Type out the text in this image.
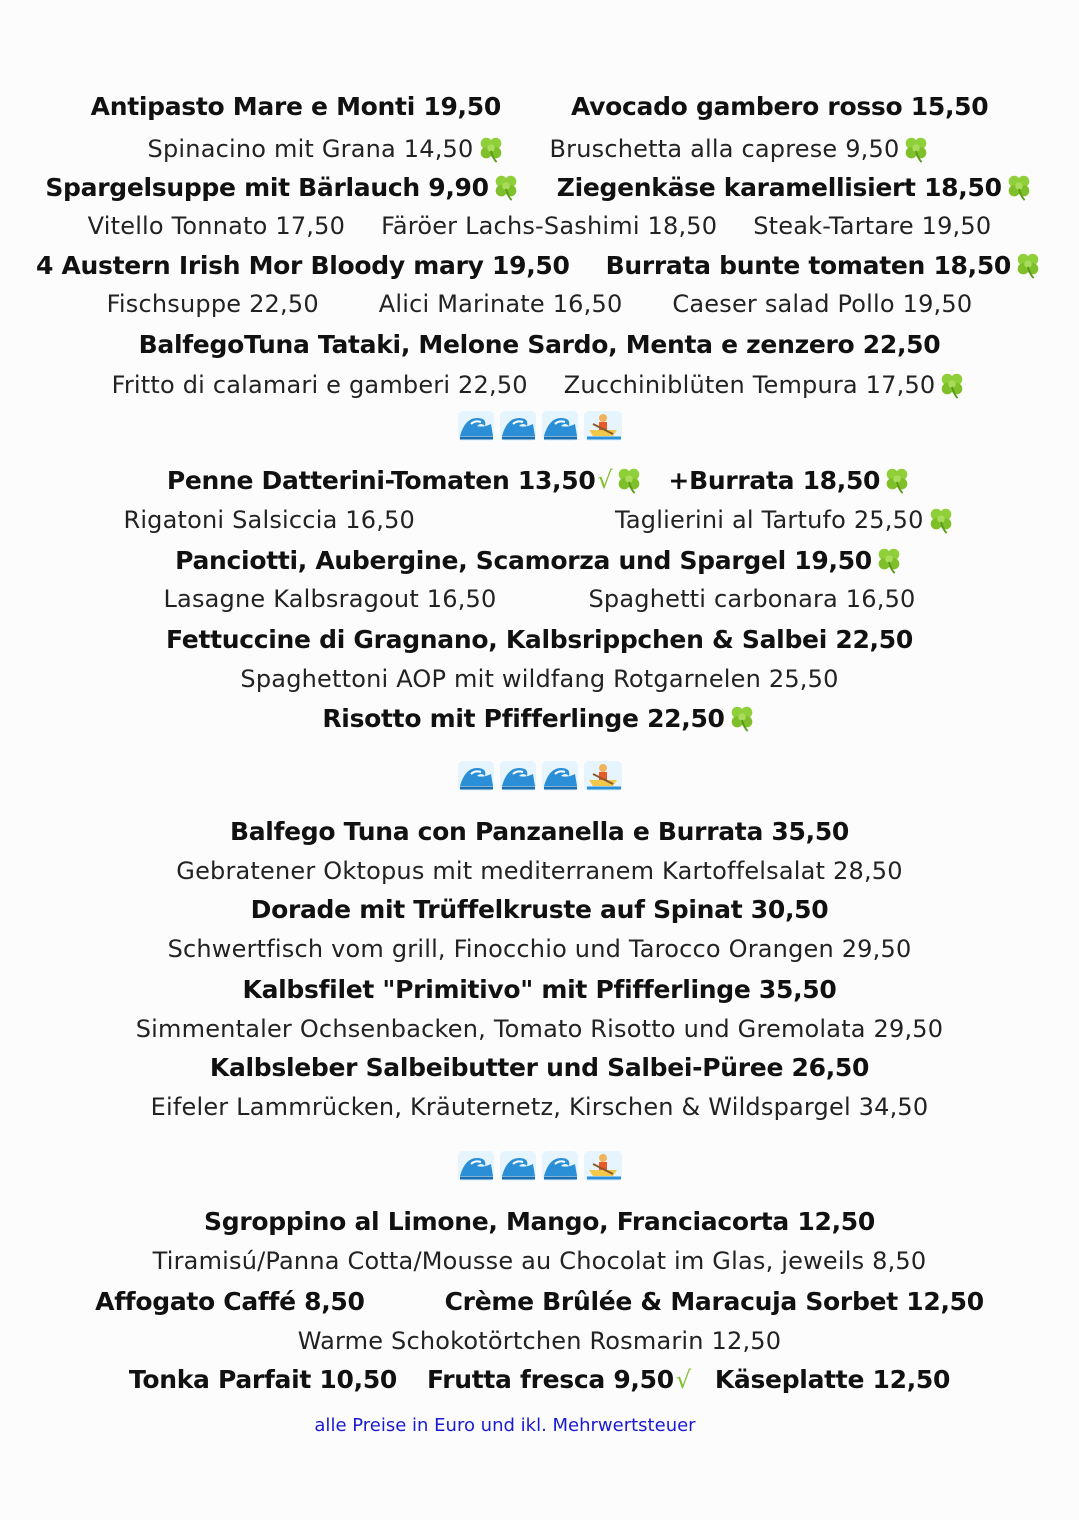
Antipasto Mare e Monti 19,50	Avocado gambero rosso 15,50
Spinacino mit Grana 14,50	Bruschetta alla caprese 9,50
Spargelsuppe mit Bärlauch 9,90	Ziegenkäse karamellisiert 18,50
Vitello Tonnato 17,50 Färöer Lachs-Sashimi 18,50 Steak-Tartare 19,50
4 Austern Irish Mor Bloody mary 19,50 Burrata bunte tomaten 18,50
Fischsuppe 22,50	Alici Marinate 16,50 Caeser salad Pollo 19,50
BalfegoTuna Tataki, Melone Sardo, Menta e zenzero 22,50
Fritto di calamari e gamberi 22,50 Zucchiniblüten Tempura 17,50
Penne Datterini-Tomaten 13,50 √ +Burrata 18,50
Rigatoni Salsiccia 16,50	Taglierini al Tartufo 25,50
Panciotti, Aubergine, Scamorza und Spargel 19,50
Lasagne Kalbsragout 16,50	Spaghetti carbonara 16,50
Fettuccine di Gragnano, Kalbsrippchen & Salbei 22,50
Spaghettoni AOP mit wildfang Rotgarnelen 25,50
Risotto mit Pfifferlinge 22,50
Balfego Tuna con Panzanella e Burrata 35,50
Gebratener Oktopus mit mediterranem Kartoffelsalat 28,50
Dorade mit Trüffelkruste auf Spinat 30,50
Schwertfisch vom grill, Finocchio und Tarocco Orangen 29,50
Kalbsfilet "Primitivo" mit Pfifferlinge 35,50
Simmentaler Ochsenbacken, Tomato Risotto und Gremolata 29,50
Kalbsleber Salbeibutter und Salbei-Püree 26,50
Eifeler Lammrücken, Kräuternetz, Kirschen & Wildspargel 34,50
Sgroppino al Limone, Mango, Franciacorta 12,50
Tiramisú/Panna Cotta/Mousse au Chocolat im Glas, jeweils 8,50
Affogato Caffé 8,50	Crème Brûlée & Maracuja Sorbet 12,50
Warme Schokotörtchen Rosmarin 12,50
Tonka Parfait 10,50 Frutta fresca 9,50 √ Käseplatte 12,50
alle Preise in Euro und ikl. Mehrwertsteuer
